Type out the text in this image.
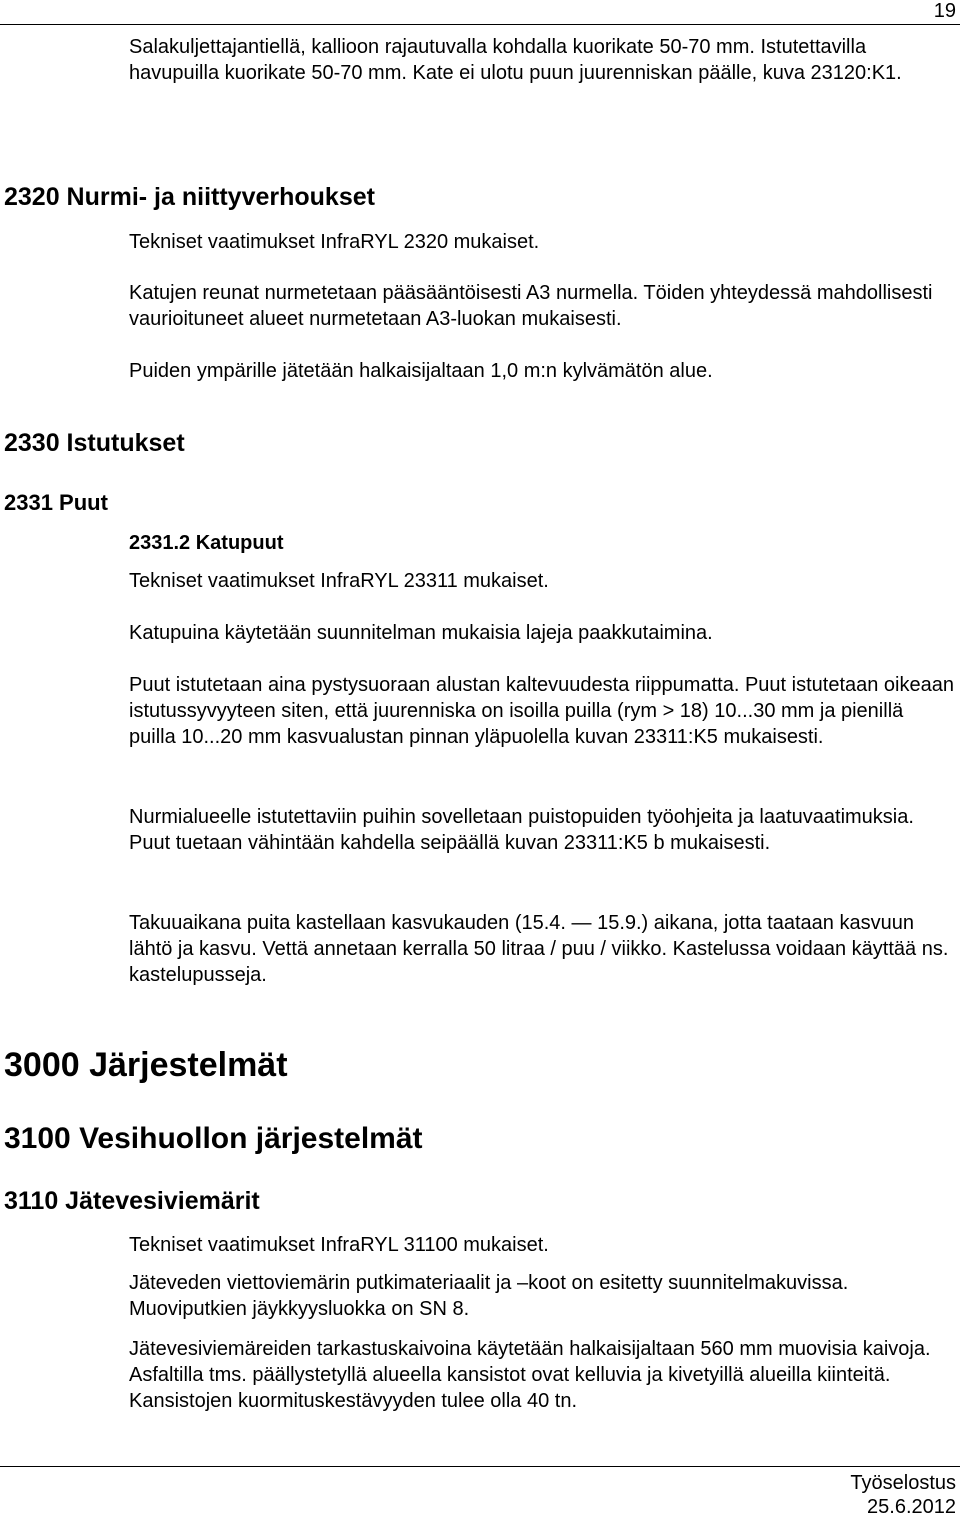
19

Salakuljettajantiellä, kallioon rajautuvalla kohdalla kuorikate 50-70 mm. Istutettavilla havupuilla kuorikate 50-70 mm. Kate ei ulotu puun juurenniskan päälle, kuva 23120:K1.

2320 Nurmi- ja niittyverhoukset

Tekniset vaatimukset InfraRYL 2320 mukaiset.

Katujen reunat nurmetetaan pääsääntöisesti A3 nurmella. Töiden yhteydessä mahdollisesti vaurioituneet alueet nurmetetaan A3-luokan mukaisesti.

Puiden ympärille jätetään halkaisijaltaan 1,0 m:n kylvämätön alue.

2330 Istutukset
2331 Puut

2331.2 Katupuut

Tekniset vaatimukset InfraRYL 23311 mukaiset.

Katupuina käytetään suunnitelman mukaisia lajeja paakkutaimina.

Puut istutetaan aina pystysuoraan alustan kaltevuudesta riippumatta. Puut istutetaan oikeaan istutussyvyyteen siten, että juurenniska on isoilla puilla (rym > 18) 10...30 mm ja pienillä puilla 10...20 mm kasvualustan pinnan yläpuolella kuvan 23311:K5 mukaisesti.

Nurmialueelle istutettaviin puihin sovelletaan puistopuiden työohjeita ja laatuvaatimuksia. Puut tuetaan vähintään kahdella seipäällä kuvan 23311:K5 b mukaisesti.

Takuuaikana puita kastellaan kasvukauden (15.4. — 15.9.) aikana, jotta taataan kasvuun lähtö ja kasvu. Vettä annetaan kerralla 50 litraa / puu / viikko. Kastelussa voidaan käyttää ns. kastelupusseja.

3000 Järjestelmät
3100 Vesihuollon järjestelmät
3110 Jätevesiviemärit

Tekniset vaatimukset InfraRYL 31100 mukaiset.

Jäteveden viettoviemärin putkimateriaalit ja –koot on esitetty suunnitelmakuvissa. Muoviputkien jäykkyysluokka on SN 8.

Jätevesiviemäreiden tarkastuskaivoina käytetään halkaisijaltaan 560 mm muovisia kaivoja. Asfaltilla tms. päällystetyllä alueella kansistot ovat kelluvia ja kivetyillä alueilla kiinteitä. Kansistojen kuormituskestävyyden tulee olla 40 tn.

Työselostus
25.6.2012
